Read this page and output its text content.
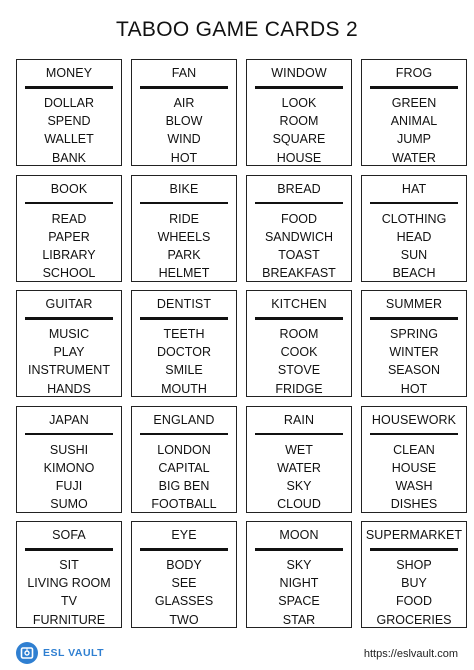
TABOO GAME CARDS 2
MONEY
DOLLAR
SPEND
WALLET
BANK
FAN
AIR
BLOW
WIND
HOT
WINDOW
LOOK
ROOM
SQUARE
HOUSE
FROG
GREEN
ANIMAL
JUMP
WATER
BOOK
READ
PAPER
LIBRARY
SCHOOL
BIKE
RIDE
WHEELS
PARK
HELMET
BREAD
FOOD
SANDWICH
TOAST
BREAKFAST
HAT
CLOTHING
HEAD
SUN
BEACH
GUITAR
MUSIC
PLAY
INSTRUMENT
HANDS
DENTIST
TEETH
DOCTOR
SMILE
MOUTH
KITCHEN
ROOM
COOK
STOVE
FRIDGE
SUMMER
SPRING
WINTER
SEASON
HOT
JAPAN
SUSHI
KIMONO
FUJI
SUMO
ENGLAND
LONDON
CAPITAL
BIG BEN
FOOTBALL
RAIN
WET
WATER
SKY
CLOUD
HOUSEWORK
CLEAN
HOUSE
WASH
DISHES
SOFA
SIT
LIVING ROOM
TV
FURNITURE
EYE
BODY
SEE
GLASSES
TWO
MOON
SKY
NIGHT
SPACE
STAR
SUPERMARKET
SHOP
BUY
FOOD
GROCERIES
ESL VAULT	https://eslvault.com
